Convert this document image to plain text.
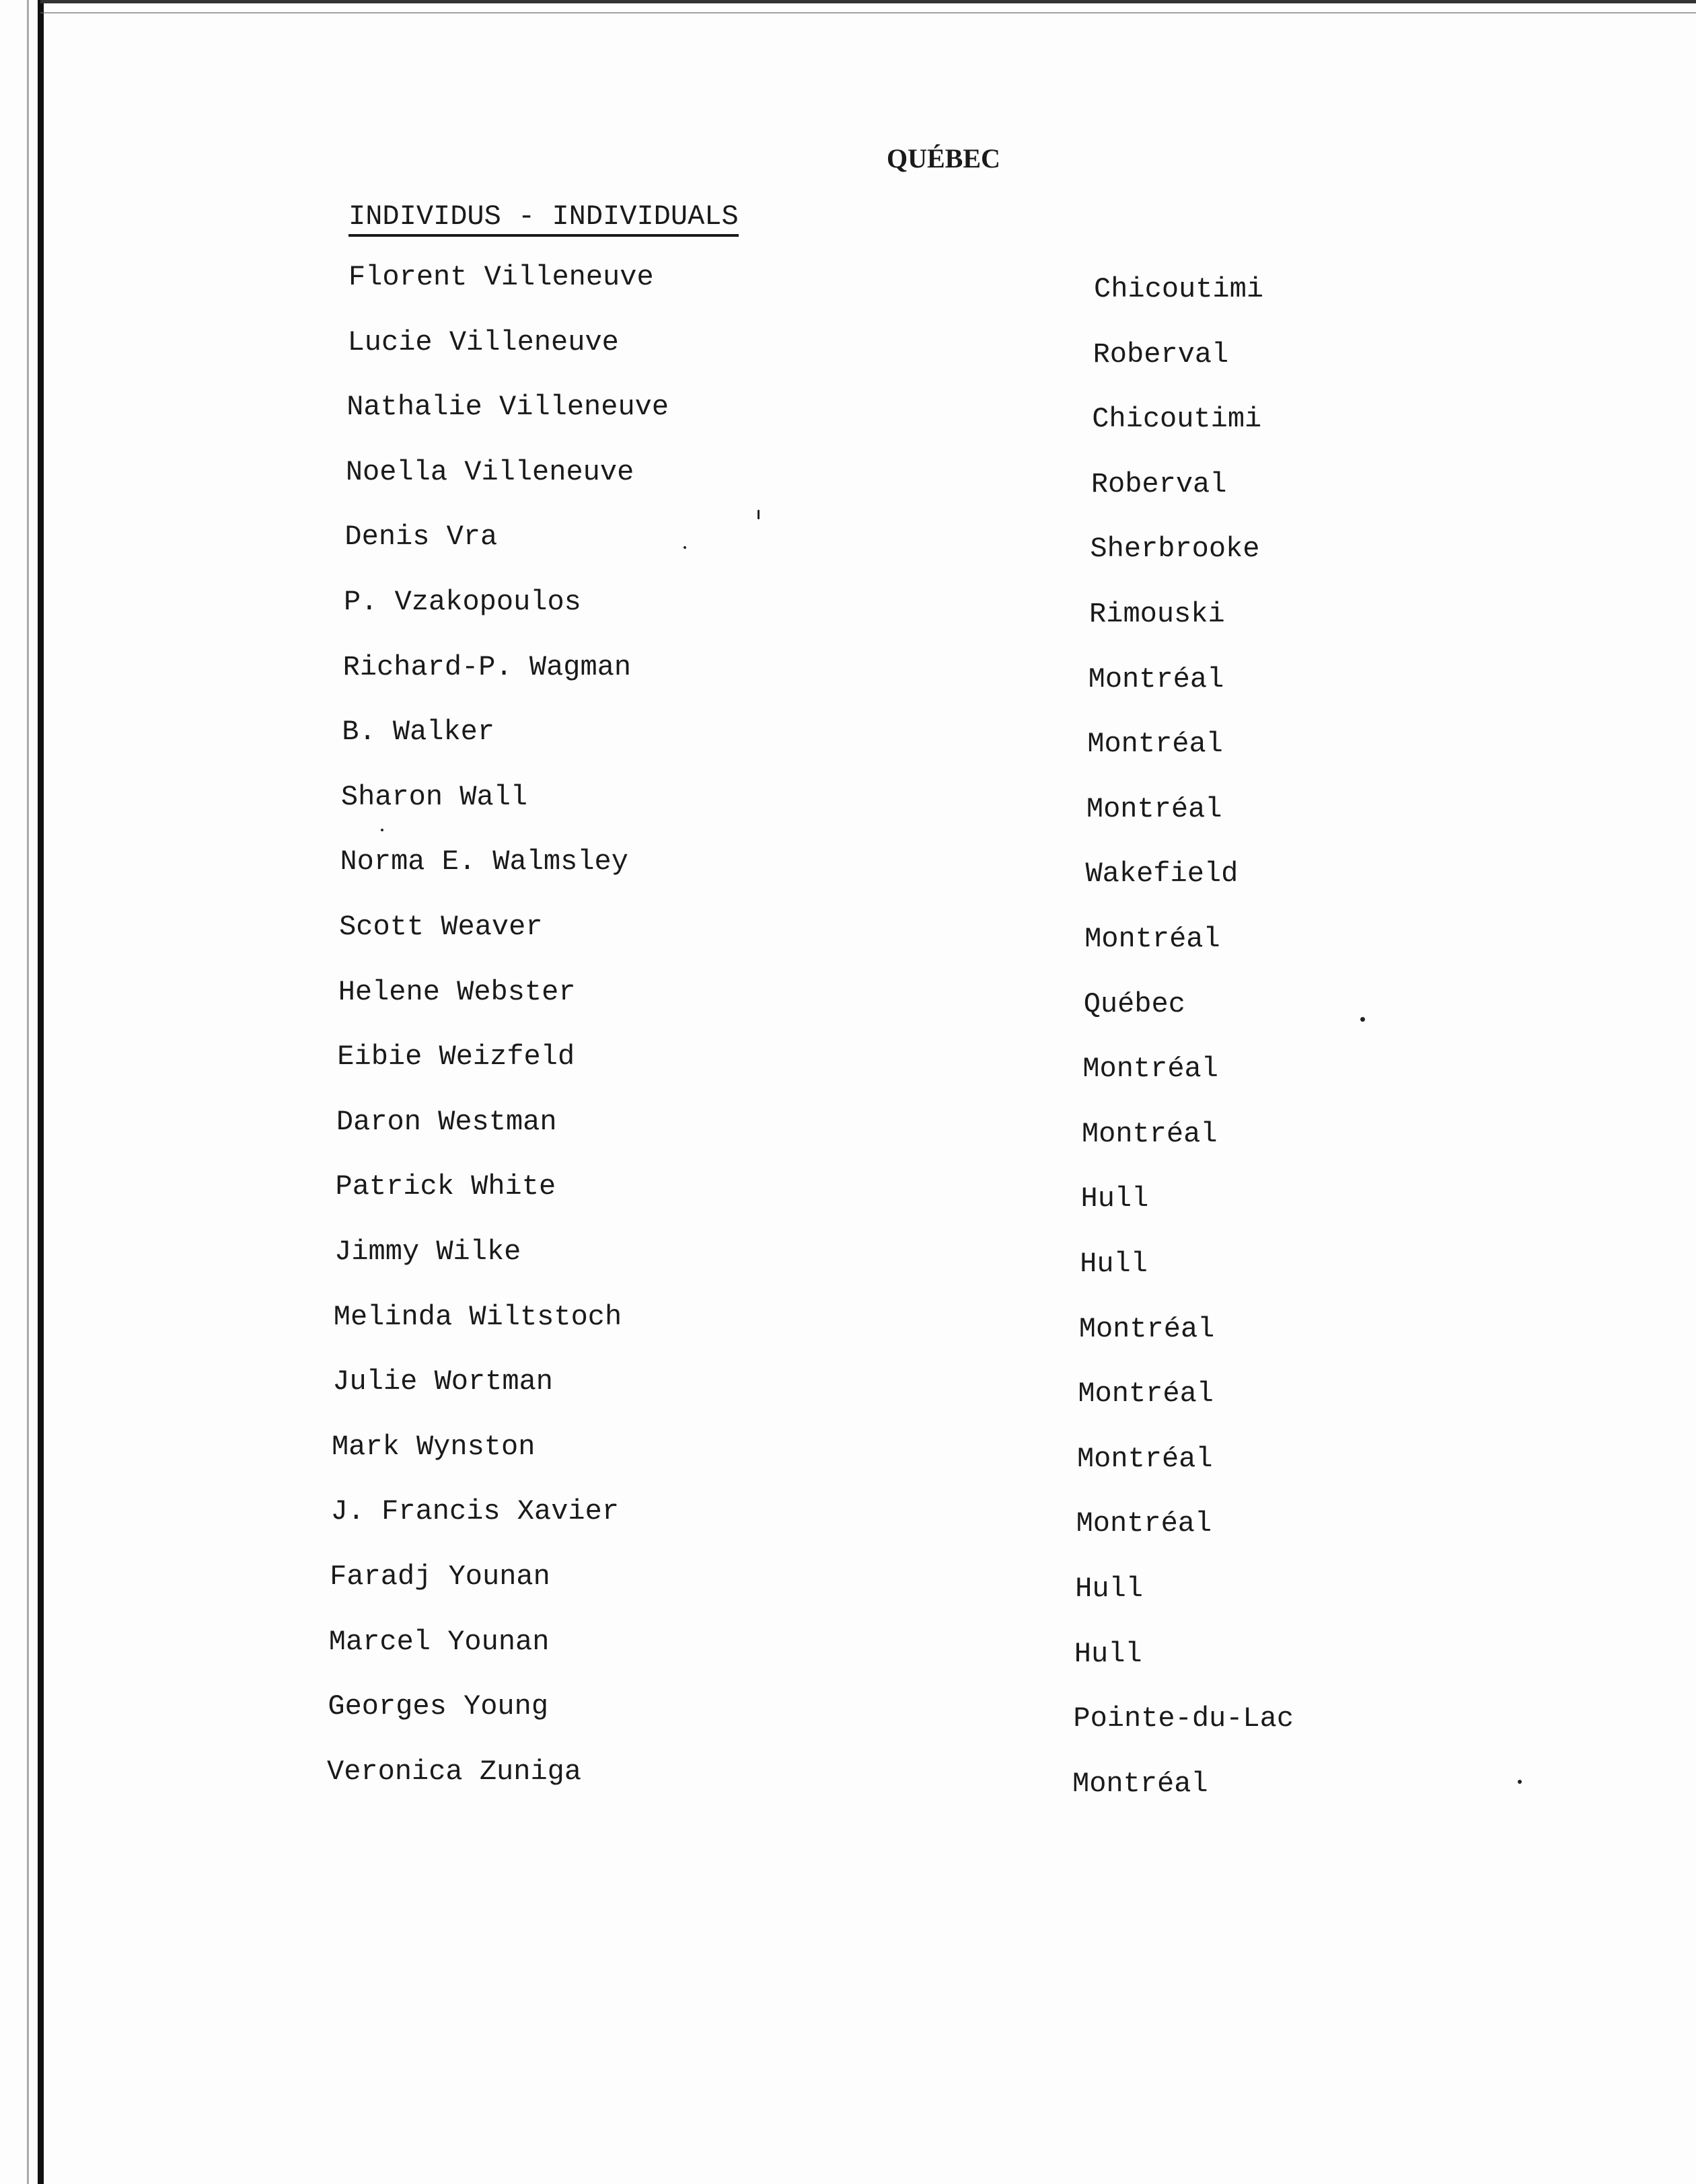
QUÉBEC
INDIVIDUS - INDIVIDUALS
Florent Villeneuve	Chicoutimi
Lucie Villeneuve	Roberval
Nathalie Villeneuve	Chicoutimi
Noella Villeneuve	Roberval
Denis Vra	Sherbrooke
P. Vzakopoulos	Rimouski
Richard-P. Wagman	Montréal
B. Walker	Montréal
Sharon Wall	Montréal
Norma E. Walmsley	Wakefield
Scott Weaver	Montréal
Helene Webster	Québec
Eibie Weizfeld	Montréal
Daron Westman	Montréal
Patrick White	Hull
Jimmy Wilke	Hull
Melinda Wiltstoch	Montréal
Julie Wortman	Montréal
Mark Wynston	Montréal
J. Francis Xavier	Montréal
Faradj Younan	Hull
Marcel Younan	Hull
Georges Young	Pointe-du-Lac
Veronica Zuniga	Montréal
